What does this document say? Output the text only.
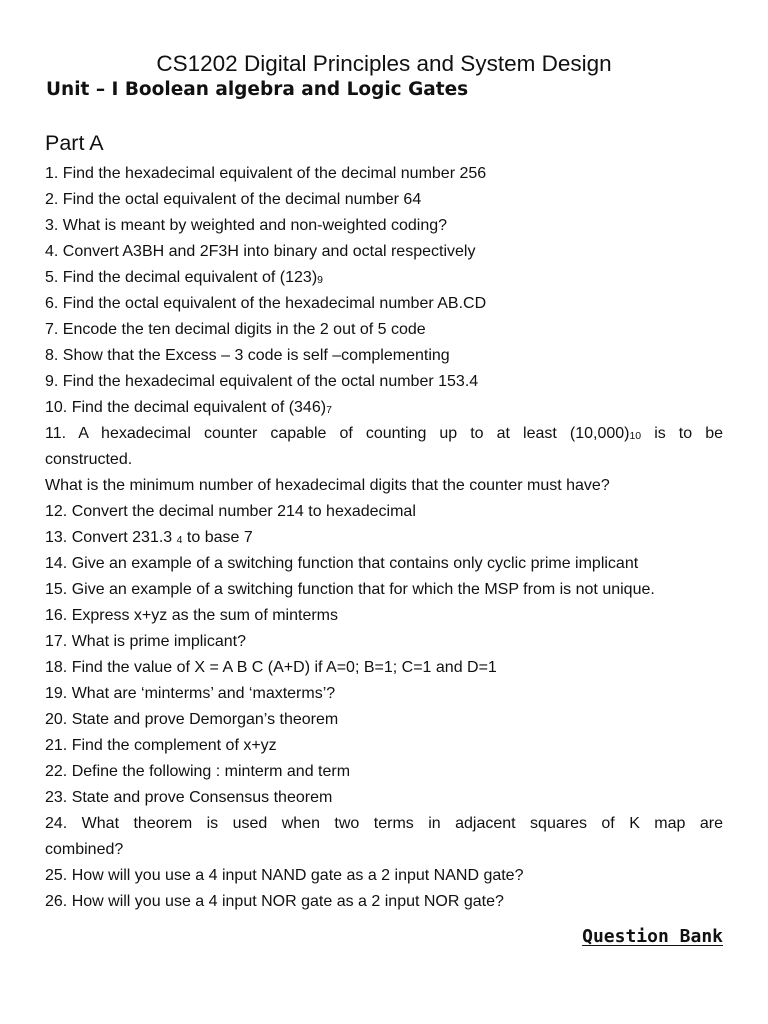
CS1202 Digital Principles and System Design
Unit – I Boolean algebra and Logic Gates
Part A
1. Find the hexadecimal equivalent of the decimal number 256
2. Find the octal equivalent of the decimal number 64
3. What is meant by weighted and non-weighted coding?
4. Convert A3BH and 2F3H into binary and octal respectively
5. Find the decimal equivalent of $(123)_9$
6. Find the octal equivalent of the hexadecimal number AB.CD
7. Encode the ten decimal digits in the 2 out of 5 code
8. Show that the Excess – 3 code is self –complementing
9. Find the hexadecimal equivalent of the octal number 153.4
10. Find the decimal equivalent of $(346)_7$
11. A hexadecimal counter capable of counting up to at least $(10,000)_{10}$ is to be
constructed.
What is the minimum number of hexadecimal digits that the counter must have?
12. Convert the decimal number 214 to hexadecimal
13. Convert 231.3 $_4$ to base 7
14. Give an example of a switching function that contains only cyclic prime implicant
15. Give an example of a switching function that for which the MSP from is not unique.
16. Express x+yz as the sum of minterms
17. What is prime implicant?
18. Find the value of X = A B C (A+D) if A=0; B=1; C=1 and D=1
19. What are ‘minterms’ and ‘maxterms’?
20. State and prove Demorgan’s theorem
21. Find the complement of x+yz
22. Define the following : minterm and term
23. State and prove Consensus theorem
24. What theorem is used when two terms in adjacent squares of K map are
combined?
25. How will you use a 4 input NAND gate as a 2 input NAND gate?
26. How will you use a 4 input NOR gate as a 2 input NOR gate?
Question Bank
